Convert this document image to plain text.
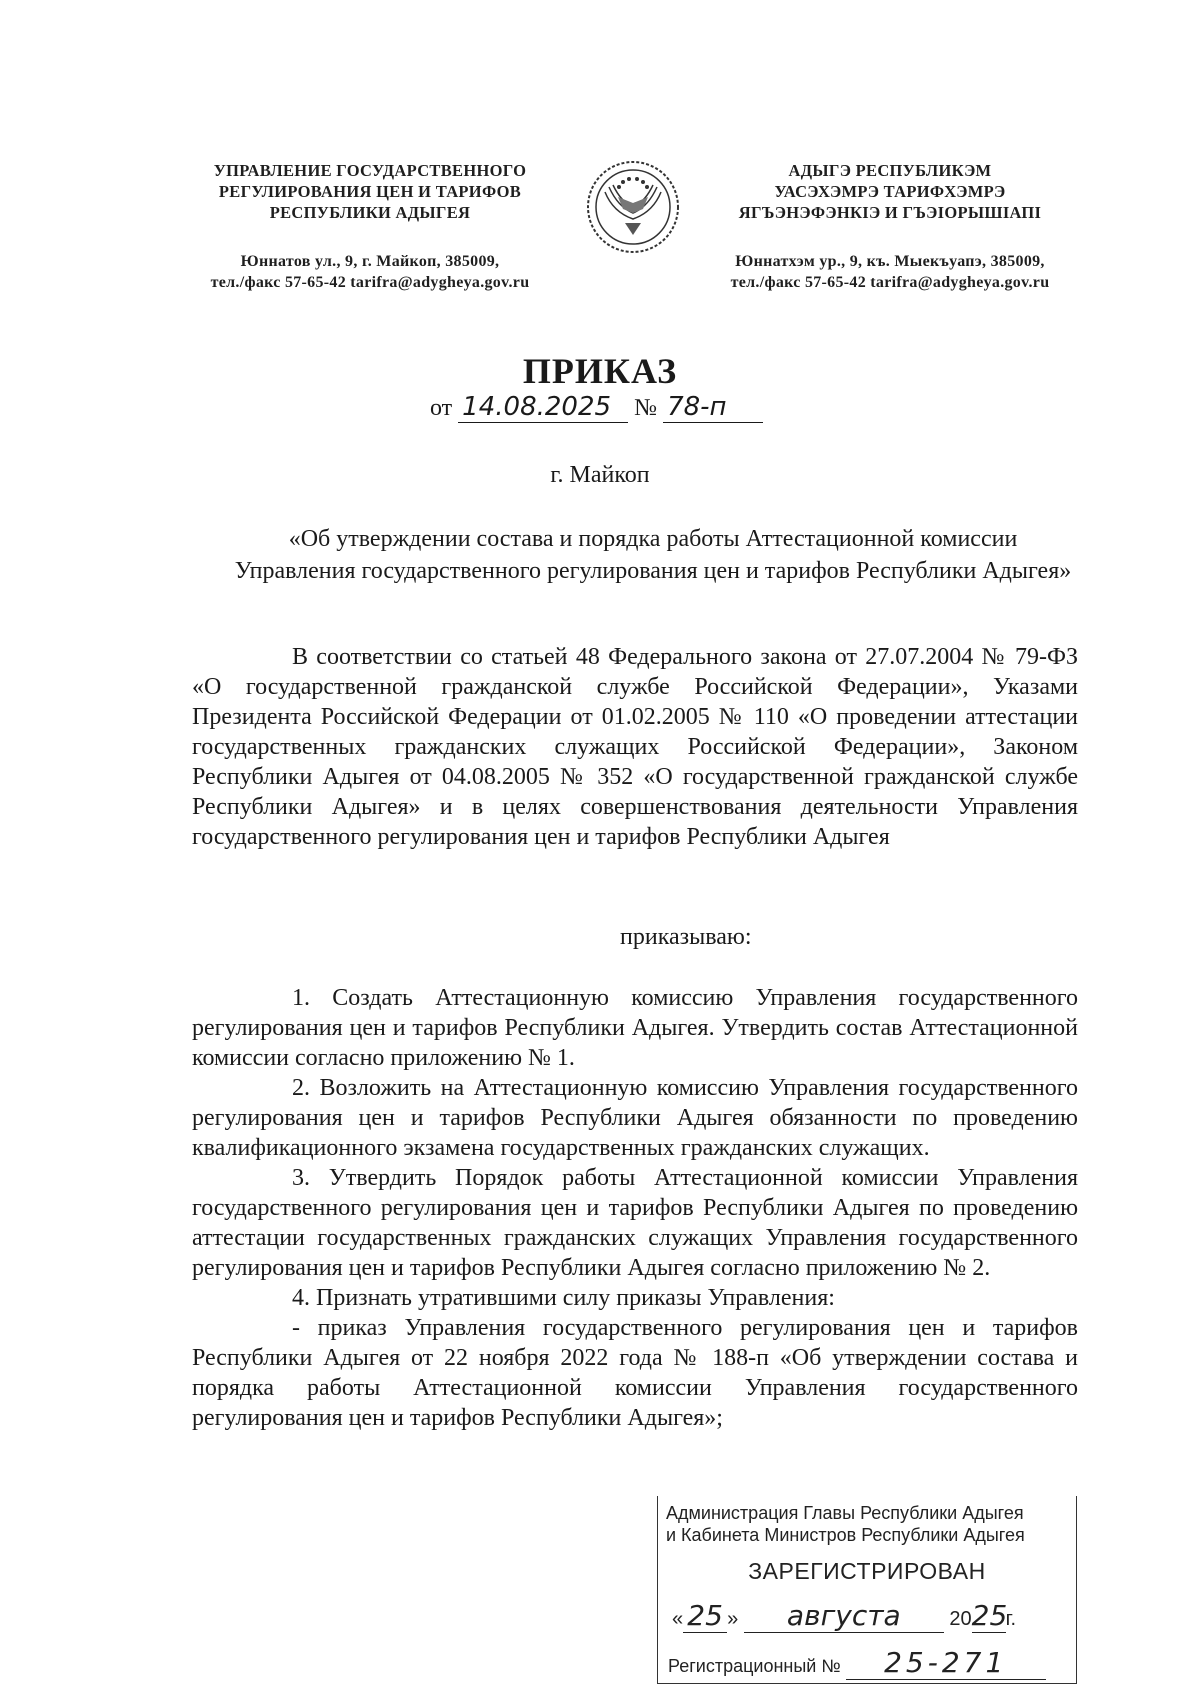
УПРАВЛЕНИЕ ГОСУДАРСТВЕННОГО
РЕГУЛИРОВАНИЯ ЦЕН И ТАРИФОВ
РЕСПУБЛИКИ АДЫГЕЯ
Юннатов ул., 9, г. Майкоп, 385009,
тел./факс 57-65-42 tarifra@adygheya.gov.ru
АДЫГЭ РЕСПУБЛИКЭМ
УАСЭХЭМРЭ ТАРИФХЭМРЭ
ЯГЪЭНЭФЭНКIЭ И ГЪЭIОРЫШIАПI
Юннатхэм ур., 9, къ. Мыекъуапэ, 385009,
тел./факс 57-65-42 tarifra@adygheya.gov.ru
ПРИКАЗ
от 14.08.2025 № 78-п
г. Майкоп
«Об утверждении состава и порядка работы Аттестационной комиссии Управления государственного регулирования цен и тарифов Республики Адыгея»

В соответствии со статьей 48 Федерального закона от 27.07.2004 № 79-ФЗ «О государственной гражданской службе Российской Федерации», Указами Президента Российской Федерации от 01.02.2005 № 110 «О проведении аттестации государственных гражданских служащих Российской Федерации», Законом Республики Адыгея от 04.08.2005 № 352 «О государственной гражданской службе Республики Адыгея» и в целях совершенствования деятельности Управления государственного регулирования цен и тарифов Республики Адыгея

приказываю:

1. Создать Аттестационную комиссию Управления государственного регулирования цен и тарифов Республики Адыгея. Утвердить состав Аттестационной комиссии согласно приложению № 1.

2. Возложить на Аттестационную комиссию Управления государственного регулирования цен и тарифов Республики Адыгея обязанности по проведению квалификационного экзамена государственных гражданских служащих.

3. Утвердить Порядок работы Аттестационной комиссии Управления государственного регулирования цен и тарифов Республики Адыгея по проведению аттестации государственных гражданских служащих Управления государственного регулирования цен и тарифов Республики Адыгея согласно приложению № 2.

4. Признать утратившими силу приказы Управления:

- приказ Управления государственного регулирования цен и тарифов Республики Адыгея от 22 ноября 2022 года № 188-п «Об утверждении состава и порядка работы Аттестационной комиссии Управления государственного регулирования цен и тарифов Республики Адыгея»;

Администрация Главы Республики Адыгея
и Кабинета Министров Республики Адыгея
ЗАРЕГИСТРИРОВАН
« 25 » августа 2025г.
Регистрационный № 25-271
